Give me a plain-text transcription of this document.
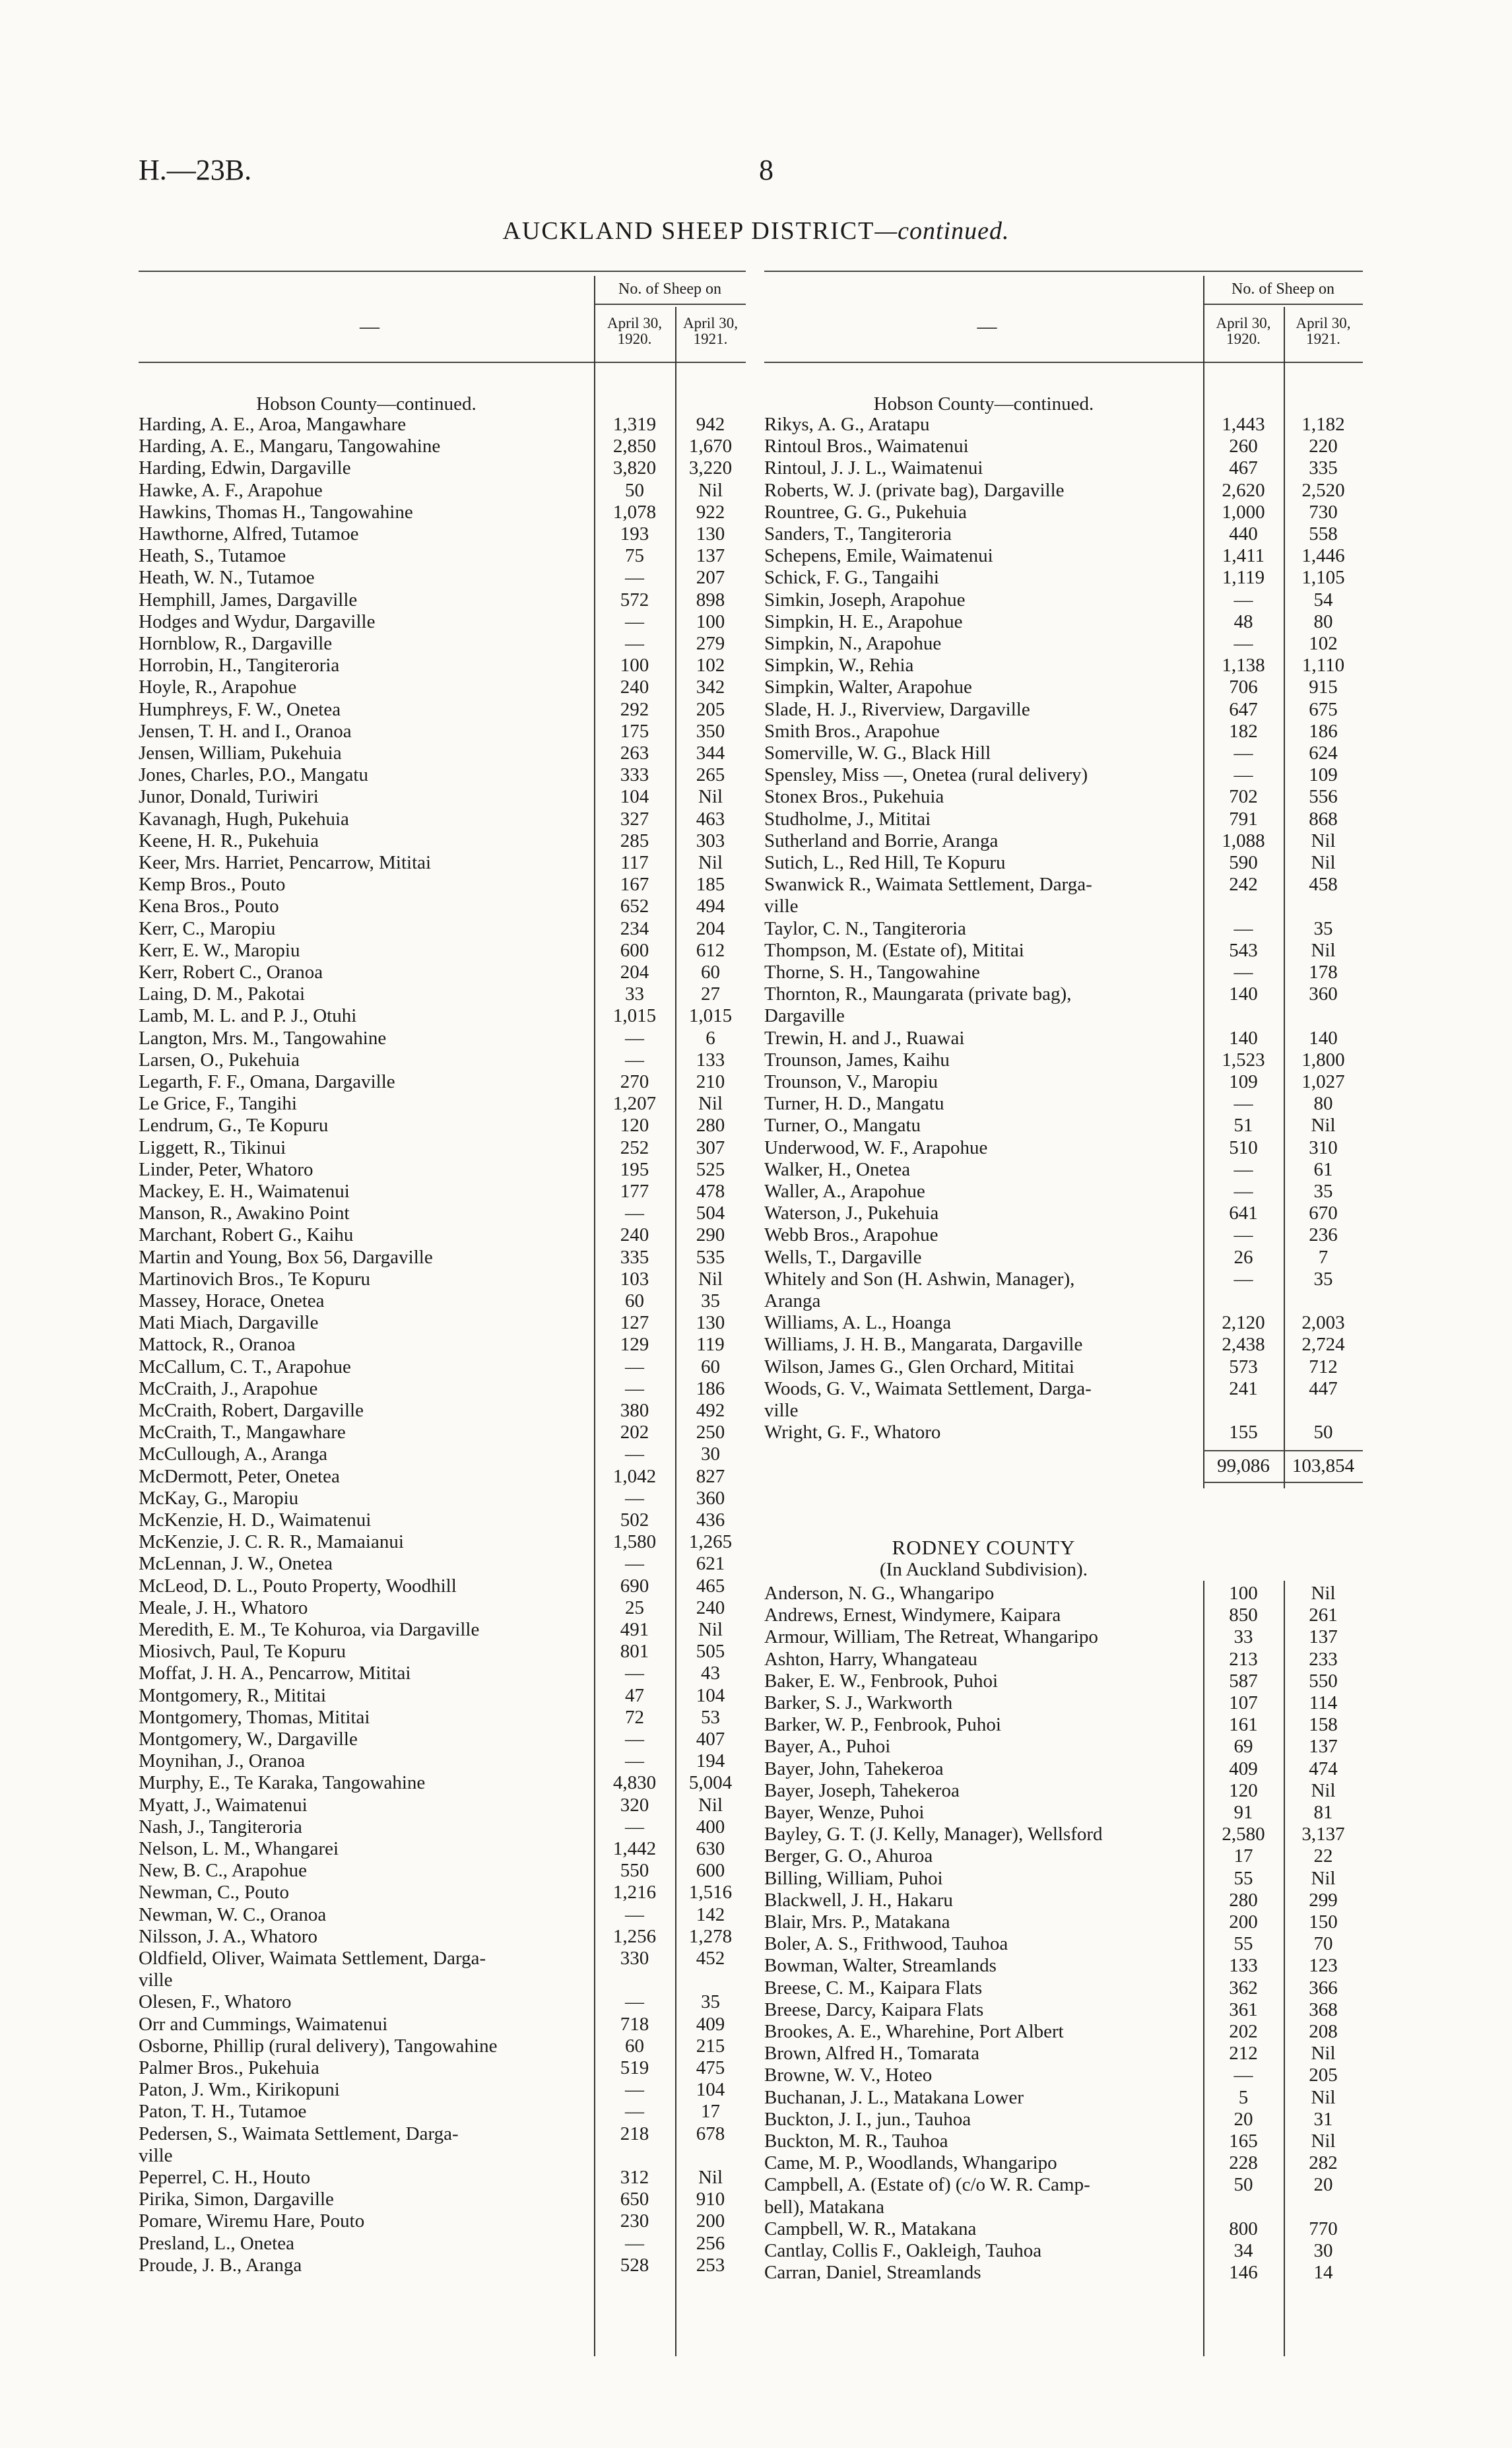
H.—23B.	8
AUCKLAND SHEEP DISTRICT—continued.
No. of Sheep on
April 30,
1920.
April 30,
1921.
—
Hobson County—continued.
Harding, A. E., Aroa, Mangawhare	1,319	942
Harding, A. E., Mangaru, Tangowahine	2,850	1,670
Harding, Edwin, Dargaville	3,820	3,220
Hawke, A. F., Arapohue	50	Nil
Hawkins, Thomas H., Tangowahine	1,078	922
Hawthorne, Alfred, Tutamoe	193	130
Heath, S., Tutamoe	75	137
Heath, W. N., Tutamoe	—	207
Hemphill, James, Dargaville	572	898
Hodges and Wydur, Dargaville	—	100
Hornblow, R., Dargaville	—	279
Horrobin, H., Tangiteroria	100	102
Hoyle, R., Arapohue	240	342
Humphreys, F. W., Onetea	292	205
Jensen, T. H. and I., Oranoa	175	350
Jensen, William, Pukehuia	263	344
Jones, Charles, P.O., Mangatu	333	265
Junor, Donald, Turiwiri	104	Nil
Kavanagh, Hugh, Pukehuia	327	463
Keene, H. R., Pukehuia	285	303
Keer, Mrs. Harriet, Pencarrow, Mititai	117	Nil
Kemp Bros., Pouto	167	185
Kena Bros., Pouto	652	494
Kerr, C., Maropiu	234	204
Kerr, E. W., Maropiu	600	612
Kerr, Robert C., Oranoa	204	60
Laing, D. M., Pakotai	33	27
Lamb, M. L. and P. J., Otuhi	1,015	1,015
Langton, Mrs. M., Tangowahine	—	6
Larsen, O., Pukehuia	—	133
Legarth, F. F., Omana, Dargaville	270	210
Le Grice, F., Tangihi	1,207	Nil
Lendrum, G., Te Kopuru	120	280
Liggett, R., Tikinui	252	307
Linder, Peter, Whatoro	195	525
Mackey, E. H., Waimatenui	177	478
Manson, R., Awakino Point	—	504
Marchant, Robert G., Kaihu	240	290
Martin and Young, Box 56, Dargaville	335	535
Martinovich Bros., Te Kopuru	103	Nil
Massey, Horace, Onetea	60	35
Mati Miach, Dargaville	127	130
Mattock, R., Oranoa	129	119
McCallum, C. T., Arapohue	—	60
McCraith, J., Arapohue	—	186
McCraith, Robert, Dargaville	380	492
McCraith, T., Mangawhare	202	250
McCullough, A., Aranga	—	30
McDermott, Peter, Onetea	1,042	827
McKay, G., Maropiu	—	360
McKenzie, H. D., Waimatenui	502	436
McKenzie, J. C. R. R., Mamaianui	1,580	1,265
McLennan, J. W., Onetea	—	621
McLeod, D. L., Pouto Property, Woodhill	690	465
Meale, J. H., Whatoro	25	240
Meredith, E. M., Te Kohuroa, via Dargaville	491	Nil
Miosivch, Paul, Te Kopuru	801	505
Moffat, J. H. A., Pencarrow, Mititai	—	43
Montgomery, R., Mititai	47	104
Montgomery, Thomas, Mititai	72	53
Montgomery, W., Dargaville	—	407
Moynihan, J., Oranoa	—	194
Murphy, E., Te Karaka, Tangowahine	4,830	5,004
Myatt, J., Waimatenui	320	Nil
Nash, J., Tangiteroria	—	400
Nelson, L. M., Whangarei	1,442	630
New, B. C., Arapohue	550	600
Newman, C., Pouto	1,216	1,516
Newman, W. C., Oranoa	—	142
Nilsson, J. A., Whatoro	1,256	1,278
Oldfield, Oliver, Waimata Settlement, Darga-	330	452
ville
Olesen, F., Whatoro	—	35
Orr and Cummings, Waimatenui	718	409
Osborne, Phillip (rural delivery), Tangowahine	60	215
Palmer Bros., Pukehuia	519	475
Paton, J. Wm., Kirikopuni	—	104
Paton, T. H., Tutamoe	—	17
Pedersen, S., Waimata Settlement, Darga-	218	678
ville
Peperrel, C. H., Houto	312	Nil
Pirika, Simon, Dargaville	650	910
Pomare, Wiremu Hare, Pouto	230	200
Presland, L., Onetea	—	256
Proude, J. B., Aranga	528	253
No. of Sheep on
April 30,
1920.
April 30,
1921.
—
Hobson County—continued.
Rikys, A. G., Aratapu	1,443	1,182
Rintoul Bros., Waimatenui	260	220
Rintoul, J. J. L., Waimatenui	467	335
Roberts, W. J. (private bag), Dargaville	2,620	2,520
Rountree, G. G., Pukehuia	1,000	730
Sanders, T., Tangiteroria	440	558
Schepens, Emile, Waimatenui	1,411	1,446
Schick, F. G., Tangaihi	1,119	1,105
Simkin, Joseph, Arapohue	—	54
Simpkin, H. E., Arapohue	48	80
Simpkin, N., Arapohue	—	102
Simpkin, W., Rehia	1,138	1,110
Simpkin, Walter, Arapohue	706	915
Slade, H. J., Riverview, Dargaville	647	675
Smith Bros., Arapohue	182	186
Somerville, W. G., Black Hill	—	624
Spensley, Miss —, Onetea (rural delivery)	—	109
Stonex Bros., Pukehuia	702	556
Studholme, J., Mititai	791	868
Sutherland and Borrie, Aranga	1,088	Nil
Sutich, L., Red Hill, Te Kopuru	590	Nil
Swanwick R., Waimata Settlement, Darga-	242	458
ville
Taylor, C. N., Tangiteroria	—	35
Thompson, M. (Estate of), Mititai	543	Nil
Thorne, S. H., Tangowahine	—	178
Thornton, R., Maungarata (private bag),	140	360
Dargaville
Trewin, H. and J., Ruawai	140	140
Trounson, James, Kaihu	1,523	1,800
Trounson, V., Maropiu	109	1,027
Turner, H. D., Mangatu	—	80
Turner, O., Mangatu	51	Nil
Underwood, W. F., Arapohue	510	310
Walker, H., Onetea	—	61
Waller, A., Arapohue	—	35
Waterson, J., Pukehuia	641	670
Webb Bros., Arapohue	—	236
Wells, T., Dargaville	26	7
Whitely and Son (H. Ashwin, Manager),	—	35
Aranga
Williams, A. L., Hoanga	2,120	2,003
Williams, J. H. B., Mangarata, Dargaville	2,438	2,724
Wilson, James G., Glen Orchard, Mititai	573	712
Woods, G. V., Waimata Settlement, Darga-	241	447
ville
Wright, G. F., Whatoro	155	50
99,086	103,854
RODNEY COUNTY
(In Auckland Subdivision).
Anderson, N. G., Whangaripo	100	Nil
Andrews, Ernest, Windymere, Kaipara	850	261
Armour, William, The Retreat, Whangaripo	33	137
Ashton, Harry, Whangateau	213	233
Baker, E. W., Fenbrook, Puhoi	587	550
Barker, S. J., Warkworth	107	114
Barker, W. P., Fenbrook, Puhoi	161	158
Bayer, A., Puhoi	69	137
Bayer, John, Tahekeroa	409	474
Bayer, Joseph, Tahekeroa	120	Nil
Bayer, Wenze, Puhoi	91	81
Bayley, G. T. (J. Kelly, Manager), Wellsford	2,580	3,137
Berger, G. O., Ahuroa	17	22
Billing, William, Puhoi	55	Nil
Blackwell, J. H., Hakaru	280	299
Blair, Mrs. P., Matakana	200	150
Boler, A. S., Frithwood, Tauhoa	55	70
Bowman, Walter, Streamlands	133	123
Breese, C. M., Kaipara Flats	362	366
Breese, Darcy, Kaipara Flats	361	368
Brookes, A. E., Wharehine, Port Albert	202	208
Brown, Alfred H., Tomarata	212	Nil
Browne, W. V., Hoteo	—	205
Buchanan, J. L., Matakana Lower	5	Nil
Buckton, J. I., jun., Tauhoa	20	31
Buckton, M. R., Tauhoa	165	Nil
Came, M. P., Woodlands, Whangaripo	228	282
Campbell, A. (Estate of) (c/o W. R. Camp-	50	20
bell), Matakana
Campbell, W. R., Matakana	800	770
Cantlay, Collis F., Oakleigh, Tauhoa	34	30
Carran, Daniel, Streamlands	146	14
